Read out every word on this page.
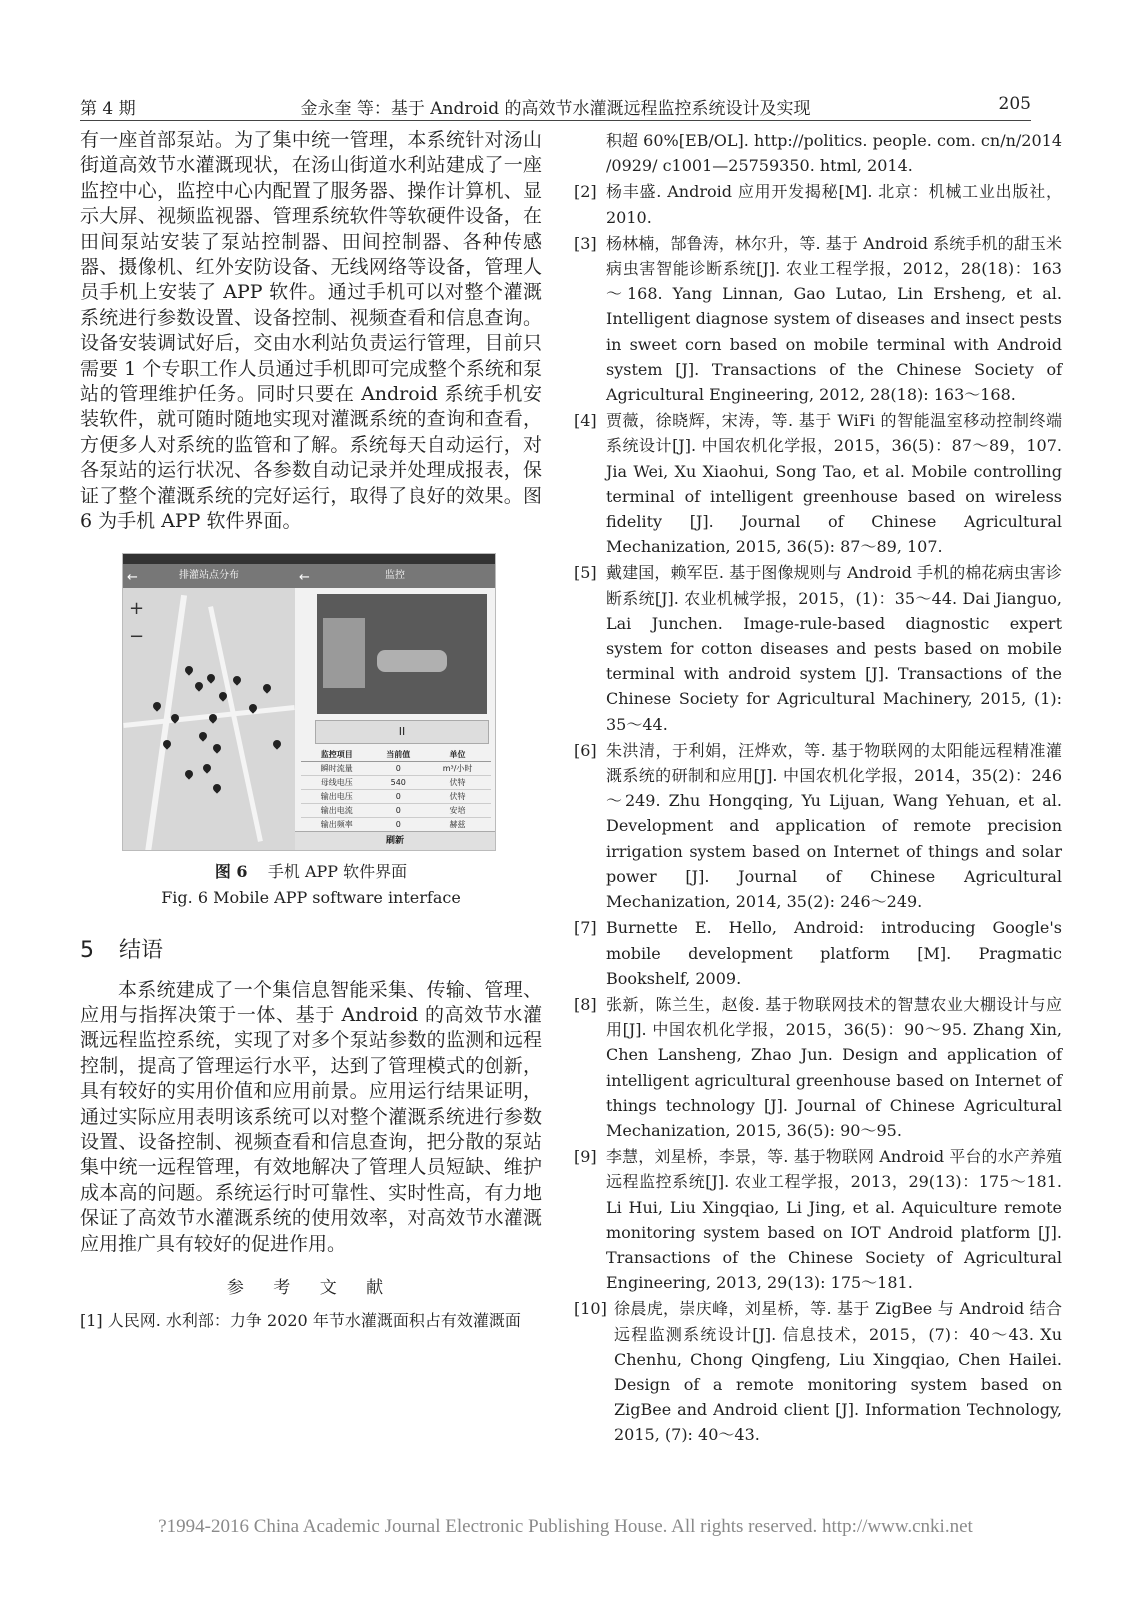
第 4 期	金永奎 等：基于 Android 的高效节水灌溉远程监控系统设计及实现	205

有一座首部泵站。为了集中统一管理，本系统针对汤山街道高效节水灌溉现状，在汤山街道水利站建成了一座监控中心，监控中心内配置了服务器、操作计算机、显示大屏、视频监视器、管理系统软件等软硬件设备，在田间泵站安装了泵站控制器、田间控制器、各种传感器、摄像机、红外安防设备、无线网络等设备，管理人员手机上安装了 APP 软件。通过手机可以对整个灌溉系统进行参数设置、设备控制、视频查看和信息查询。设备安装调试好后，交由水利站负责运行管理，目前只需要 1 个专职工作人员通过手机即可完成整个系统和泵站的管理维护任务。同时只要在 Android 系统手机安装软件，就可随时随地实现对灌溉系统的查询和查看，方便多人对系统的监管和了解。系统每天自动运行，对各泵站的运行状况、各参数自动记录并处理成报表，保证了整个灌溉系统的完好运行，取得了良好的效果。图 6 为手机 APP 软件界面。

←	排灌站点分布
+
−
←	监控
II
监控项目	当前值	单位
瞬时流量	0	m³/小时
母线电压	540	伏特
输出电压	0	伏特
输出电流	0	安培
输出频率	0	赫兹
刷新
图 6 手机 APP 软件界面
Fig. 6 Mobile APP software interface
5 结语

本系统建成了一个集信息智能采集、传输、管理、应用与指挥决策于一体、基于 Android 的高效节水灌溉远程监控系统，实现了对多个泵站参数的监测和远程控制，提高了管理运行水平，达到了管理模式的创新，具有较好的实用价值和应用前景。应用运行结果证明，通过实际应用表明该系统可以对整个灌溉系统进行参数设置、设备控制、视频查看和信息查询，把分散的泵站集中统一远程管理，有效地解决了管理人员短缺、维护成本高的问题。系统运行时可靠性、实时性高，有力地保证了高效节水灌溉系统的使用效率，对高效节水灌溉应用推广具有较好的促进作用。

参 考 文 献

[1] 人民网. 水利部：力争 2020 年节水灌溉面积占有效灌溉面

积超 60%[EB/OL]. http://politics. people. com. cn/n/2014 /0929/ c1001—25759350. html, 2014.

[2] 杨丰盛. Android 应用开发揭秘[M]. 北京：机械工业出版社，2010.
[3] 杨林楠，郜鲁涛，林尔升，等. 基于 Android 系统手机的甜玉米病虫害智能诊断系统[J]. 农业工程学报，2012，28(18)：163～168. Yang Linnan, Gao Lutao, Lin Ersheng, et al. Intelligent diagnose system of diseases and insect pests in sweet corn based on mobile terminal with Android system [J]. Transactions of the Chinese Society of Agricultural Engineering, 2012, 28(18): 163～168.
[4] 贾薇，徐晓辉，宋涛，等. 基于 WiFi 的智能温室移动控制终端系统设计[J]. 中国农机化学报，2015，36(5)：87～89，107. Jia Wei, Xu Xiaohui, Song Tao, et al. Mobile controlling terminal of intelligent greenhouse based on wireless fidelity [J]. Journal of Chinese Agricultural Mechanization, 2015, 36(5): 87～89, 107.
[5] 戴建国，赖军臣. 基于图像规则与 Android 手机的棉花病虫害诊断系统[J]. 农业机械学报，2015，(1)：35～44. Dai Jianguo, Lai Junchen. Image-rule-based diagnostic expert system for cotton diseases and pests based on mobile terminal with android system [J]. Transactions of the Chinese Society for Agricultural Machinery, 2015, (1): 35～44.
[6] 朱洪清，于利娟，汪烨欢，等. 基于物联网的太阳能远程精准灌溉系统的研制和应用[J]. 中国农机化学报，2014，35(2)：246～249. Zhu Hongqing, Yu Lijuan, Wang Yehuan, et al. Development and application of remote precision irrigation system based on Internet of things and solar power [J]. Journal of Chinese Agricultural Mechanization, 2014, 35(2): 246～249.
[7] Burnette E. Hello, Android: introducing Google's mobile development platform [M]. Pragmatic Bookshelf, 2009.
[8] 张新，陈兰生，赵俊. 基于物联网技术的智慧农业大棚设计与应用[J]. 中国农机化学报，2015，36(5)：90～95. Zhang Xin, Chen Lansheng, Zhao Jun. Design and application of intelligent agricultural greenhouse based on Internet of things technology [J]. Journal of Chinese Agricultural Mechanization, 2015, 36(5): 90～95.
[9] 李慧，刘星桥，李景，等. 基于物联网 Android 平台的水产养殖远程监控系统[J]. 农业工程学报，2013，29(13)：175～181. Li Hui, Liu Xingqiao, Li Jing, et al. Aquiculture remote monitoring system based on IOT Android platform [J]. Transactions of the Chinese Society of Agricultural Engineering, 2013, 29(13): 175～181.
[10] 徐晨虎，崇庆峰，刘星桥，等. 基于 ZigBee 与 Android 结合远程监测系统设计[J]. 信息技术，2015，(7)：40～43. Xu Chenhu, Chong Qingfeng, Liu Xingqiao, Chen Hailei. Design of a remote monitoring system based on ZigBee and Android client [J]. Information Technology, 2015, (7): 40～43.
?1994-2016 China Academic Journal Electronic Publishing House. All rights reserved. http://www.cnki.net
